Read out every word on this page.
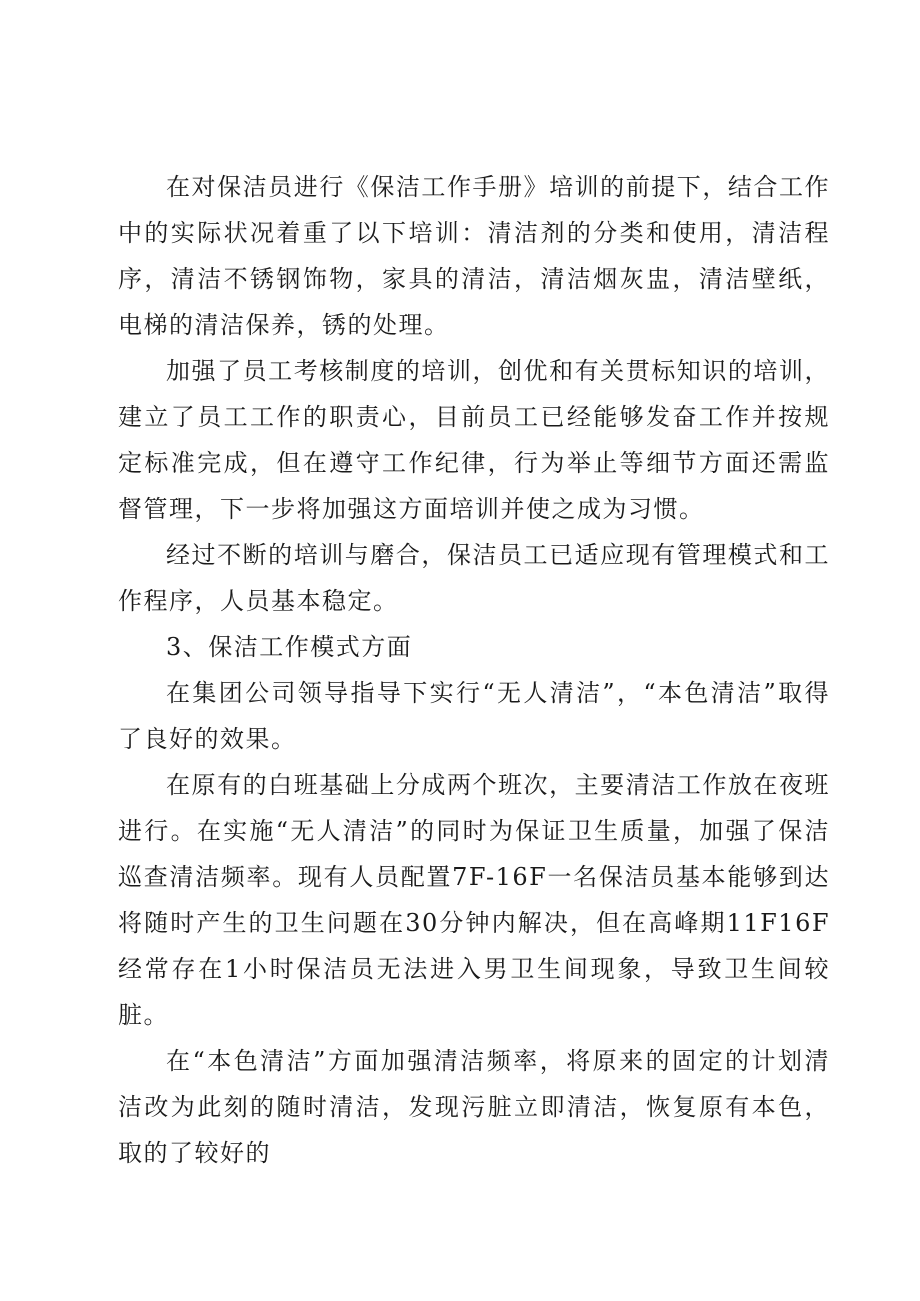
在对保洁员进行《保洁工作手册》培训的前提下，结合工作中的实际状况着重了以下培训：清洁剂的分类和使用，清洁程序，清洁不锈钢饰物，家具的清洁，清洁烟灰盅，清洁壁纸，电梯的清洁保养，锈的处理。

加强了员工考核制度的培训，创优和有关贯标知识的培训，建立了员工工作的职责心，目前员工已经能够发奋工作并按规定标准完成，但在遵守工作纪律，行为举止等细节方面还需监督管理，下一步将加强这方面培训并使之成为习惯。

经过不断的培训与磨合，保洁员工已适应现有管理模式和工作程序，人员基本稳定。

3、保洁工作模式方面

在集团公司领导指导下实行“无人清洁”，“本色清洁”取得了良好的效果。

在原有的白班基础上分成两个班次，主要清洁工作放在夜班进行。在实施“无人清洁”的同时为保证卫生质量，加强了保洁巡查清洁频率。现有人员配置7F-16F一名保洁员基本能够到达将随时产生的卫生问题在30分钟内解决，但在高峰期11F16F经常存在1小时保洁员无法进入男卫生间现象，导致卫生间较脏。

在“本色清洁”方面加强清洁频率，将原来的固定的计划清洁改为此刻的随时清洁，发现污脏立即清洁，恢复原有本色，取的了较好的
